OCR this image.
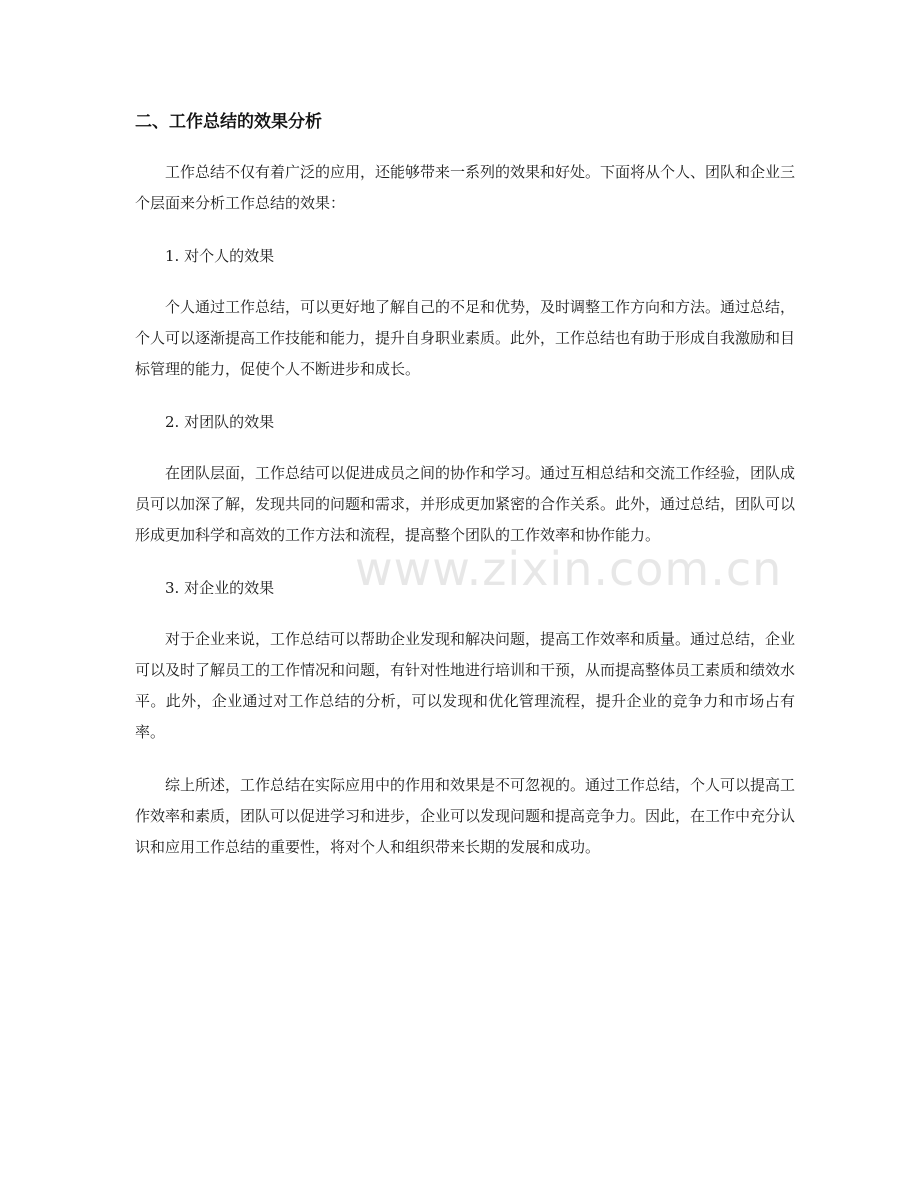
二、工作总结的效果分析

工作总结不仅有着广泛的应用，还能够带来一系列的效果和好处。下面将从个人、团队和企业三个层面来分析工作总结的效果：

1. 对个人的效果

个人通过工作总结，可以更好地了解自己的不足和优势，及时调整工作方向和方法。通过总结，个人可以逐渐提高工作技能和能力，提升自身职业素质。此外，工作总结也有助于形成自我激励和目标管理的能力，促使个人不断进步和成长。

2. 对团队的效果

在团队层面，工作总结可以促进成员之间的协作和学习。通过互相总结和交流工作经验，团队成员可以加深了解，发现共同的问题和需求，并形成更加紧密的合作关系。此外，通过总结，团队可以形成更加科学和高效的工作方法和流程，提高整个团队的工作效率和协作能力。

3. 对企业的效果

对于企业来说，工作总结可以帮助企业发现和解决问题，提高工作效率和质量。通过总结，企业可以及时了解员工的工作情况和问题，有针对性地进行培训和干预，从而提高整体员工素质和绩效水平。此外，企业通过对工作总结的分析，可以发现和优化管理流程，提升企业的竞争力和市场占有率。

综上所述，工作总结在实际应用中的作用和效果是不可忽视的。通过工作总结，个人可以提高工作效率和素质，团队可以促进学习和进步，企业可以发现问题和提高竞争力。因此，在工作中充分认识和应用工作总结的重要性，将对个人和组织带来长期的发展和成功。

www.zixin.com.cn
